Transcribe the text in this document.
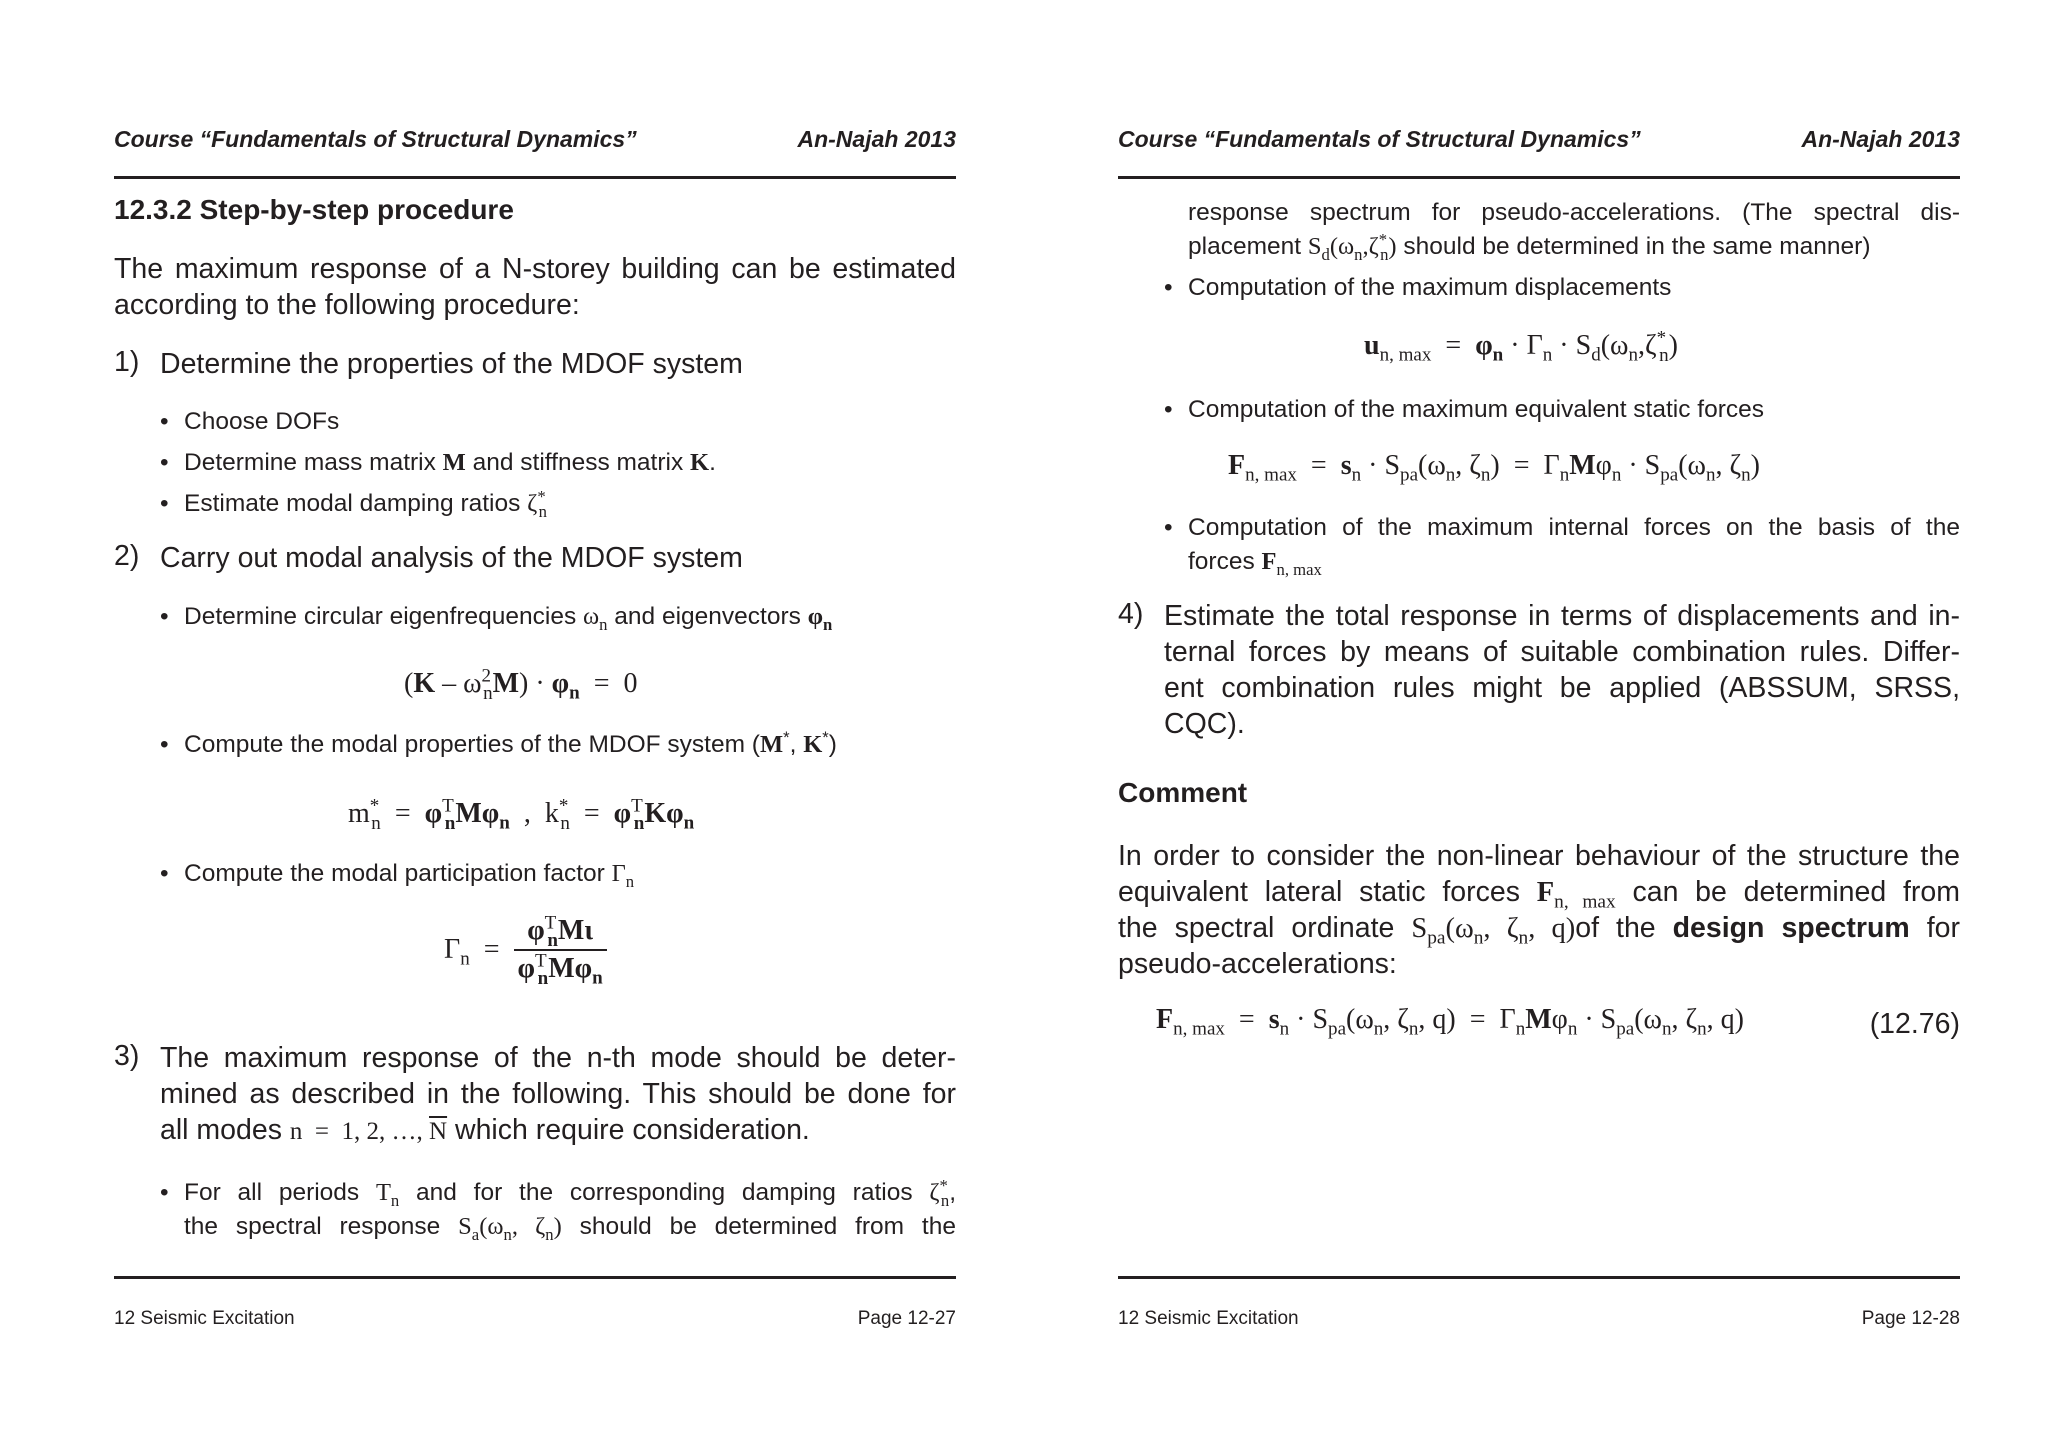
Course “Fundamentals of Structural Dynamics”	An-Najah 2013
12.3.2 Step-by-step procedure
The maximum response of a N-storey building can be estimated
according to the following procedure:
1) Determine the properties of the MDOF system
• Choose DOFs
• Determine mass matrix M and stiffness matrix K.
• Estimate modal damping ratios $\zeta^*_n$
2) Carry out modal analysis of the MDOF system
• Determine circular eigenfrequencies $\omega_n$ and eigenvectors $\varphi_n$
$(K - \omega^2_nM) \cdot \varphi_n = 0$
• Compute the modal properties of the MDOF system (M*, K*)
$m^*_n = \varphi^T_nM\varphi_n$  ,  $k^*_n = \varphi^T_nK\varphi_n$
• Compute the modal participation factor $\Gamma_n$
$\Gamma_n = \frac{\varphi^T_nM\iota}{\varphi^T_nM\varphi_n}$
3) The maximum response of the n-th mode should be deter-
mined as described in the following. This should be done for
all modes n  =  1, 2, …, $\overline{N}$ which require consideration.
• For all periods $T_n$ and for the corresponding damping ratios $\zeta^*_n$,
the spectral response $S_a(\omega_n$, $\zeta_n$) should be determined from the
12 Seismic Excitation	Page 12-27
Course “Fundamentals of Structural Dynamics”	An-Najah 2013
response spectrum for pseudo-accelerations. (The spectral dis-
placement $S_d(\omega_n,\zeta^*_n)$ should be determined in the same manner)
• Computation of the maximum displacements
$u_{n, max} = \varphi_n \cdot \Gamma_n \cdot S_d(\omega_n,\zeta^*_n)$
• Computation of the maximum equivalent static forces
$F_{n, max} = s_n \cdot S_{pa}(\omega_n$, $\zeta_n) = \Gamma_nM\varphi_n \cdot S_{pa}(\omega_n$, $\zeta_n$)
• Computation of the maximum internal forces on the basis of the
forces $F_{n, max}$
4) Estimate the total response in terms of displacements and in-
ternal forces by means of suitable combination rules. Differ-
ent combination rules might be applied (ABSSUM, SRSS,
CQC).
Comment
In order to consider the non-linear behaviour of the structure the
equivalent lateral static forces $F_{n, max}$ can be determined from
the spectral ordinate $S_{pa}(\omega_n$, $\zeta_n$, q)of the design spectrum for
pseudo-accelerations:
$F_{n, max} = s_n \cdot S_{pa}(\omega_n$, $\zeta_n$, $q) = \Gamma_nM\varphi_n \cdot S_{pa}(\omega_n$, $\zeta_n$, q)	(12.76)
12 Seismic Excitation	Page 12-28
